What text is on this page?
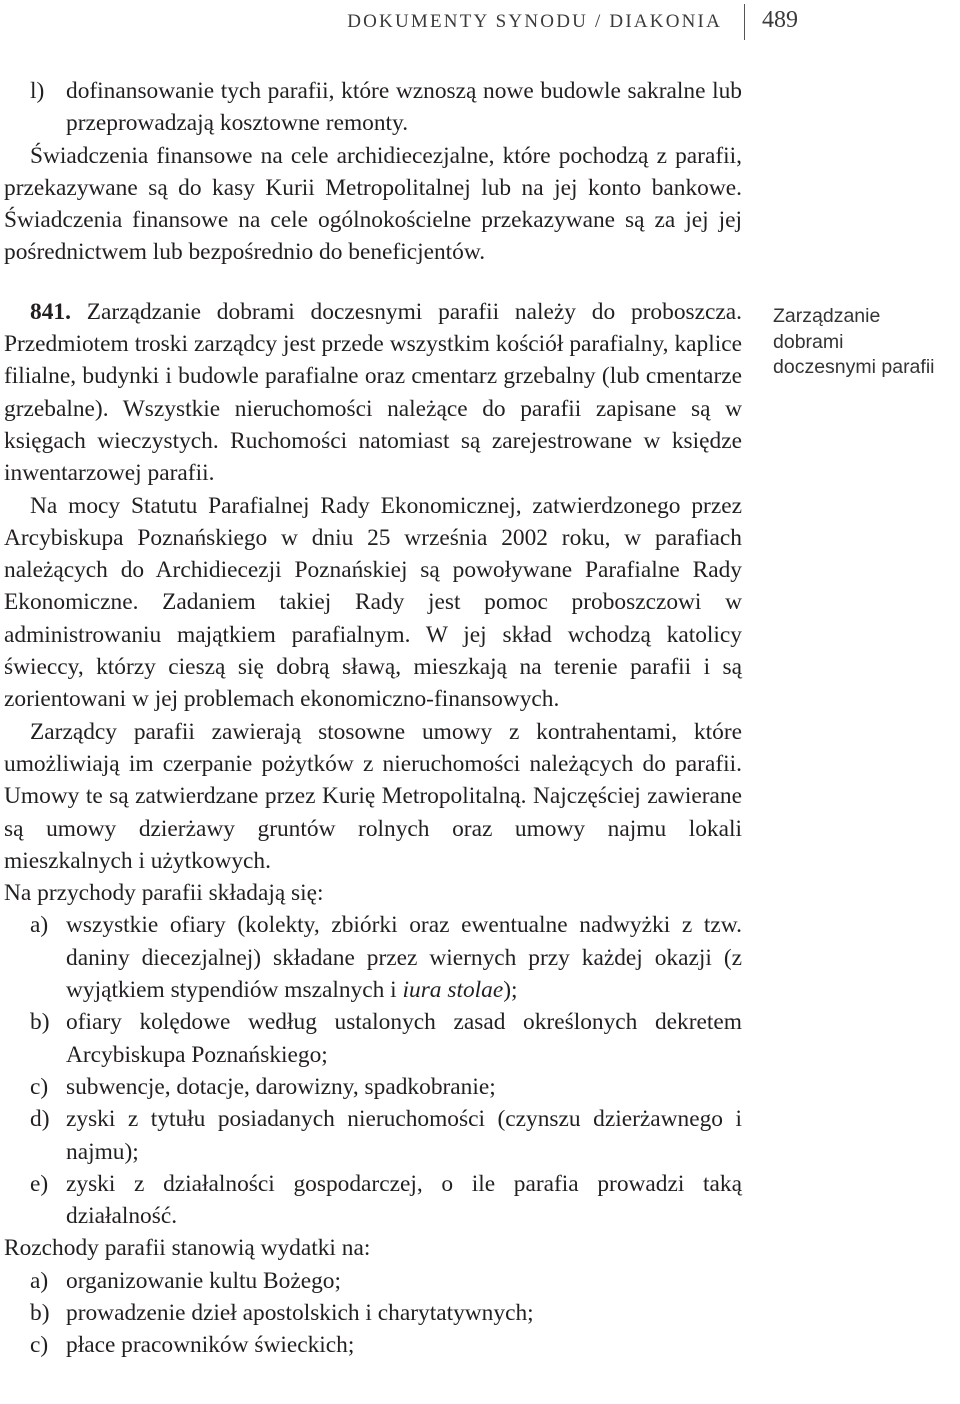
DOKUMENTY SYNODU / DIAKONIA 489
l) dofinansowanie tych parafii, które wznoszą nowe budowle sakralne lub przeprowadzają kosztowne remonty.

Świadczenia finansowe na cele archidiecezjalne, które pochodzą z parafii, przekazywane są do kasy Kurii Metropolitalnej lub na jej konto bankowe. Świadczenia finansowe na cele ogólnokościelne przekazywane są za jej jej pośrednictwem lub bezpośrednio do beneficjentów.

841. Zarządzanie dobrami doczesnymi parafii należy do proboszcza. Przedmiotem troski zarządcy jest przede wszystkim kościół parafialny, kaplice filialne, budynki i budowle parafialne oraz cmentarz grzebalny (lub cmentarze grzebalne). Wszystkie nieruchomości należące do parafii zapisane są w księgach wieczystych. Ruchomości natomiast są zarejestrowane w księdze inwentarzowej parafii.

Na mocy Statutu Parafialnej Rady Ekonomicznej, zatwierdzonego przez Arcybiskupa Poznańskiego w dniu 25 września 2002 roku, w parafiach należących do Archidiecezji Poznańskiej są powoływane Parafialne Rady Ekonomiczne. Zadaniem takiej Rady jest pomoc proboszczowi w administrowaniu majątkiem parafialnym. W jej skład wchodzą katolicy świeccy, którzy cieszą się dobrą sławą, mieszkają na terenie parafii i są zorientowani w jej problemach ekonomiczno-finansowych.

Zarządcy parafii zawierają stosowne umowy z kontrahentami, które umożliwiają im czerpanie pożytków z nieruchomości należących do parafii. Umowy te są zatwierdzane przez Kurię Metropolitalną. Najczęściej zawierane są umowy dzierżawy gruntów rolnych oraz umowy najmu lokali mieszkalnych i użytkowych.

Na przychody parafii składają się:

a) wszystkie ofiary (kolekty, zbiórki oraz ewentualne nadwyżki z tzw. daniny diecezjalnej) składane przez wiernych przy każdej okazji (z wyjątkiem stypendiów mszalnych i iura stolae);
b) ofiary kolędowe według ustalonych zasad określonych dekretem Arcybiskupa Poznańskiego;
c) subwencje, dotacje, darowizny, spadkobranie;
d) zyski z tytułu posiadanych nieruchomości (czynszu dzierżawnego i najmu);
e) zyski z działalności gospodarczej, o ile parafia prowadzi taką działalność.

Rozchody parafii stanowią wydatki na:

a) organizowanie kultu Bożego;
b) prowadzenie dzieł apostolskich i charytatywnych;
c) płace pracowników świeckich;
Zarządzanie
dobrami
doczesnymi parafii
